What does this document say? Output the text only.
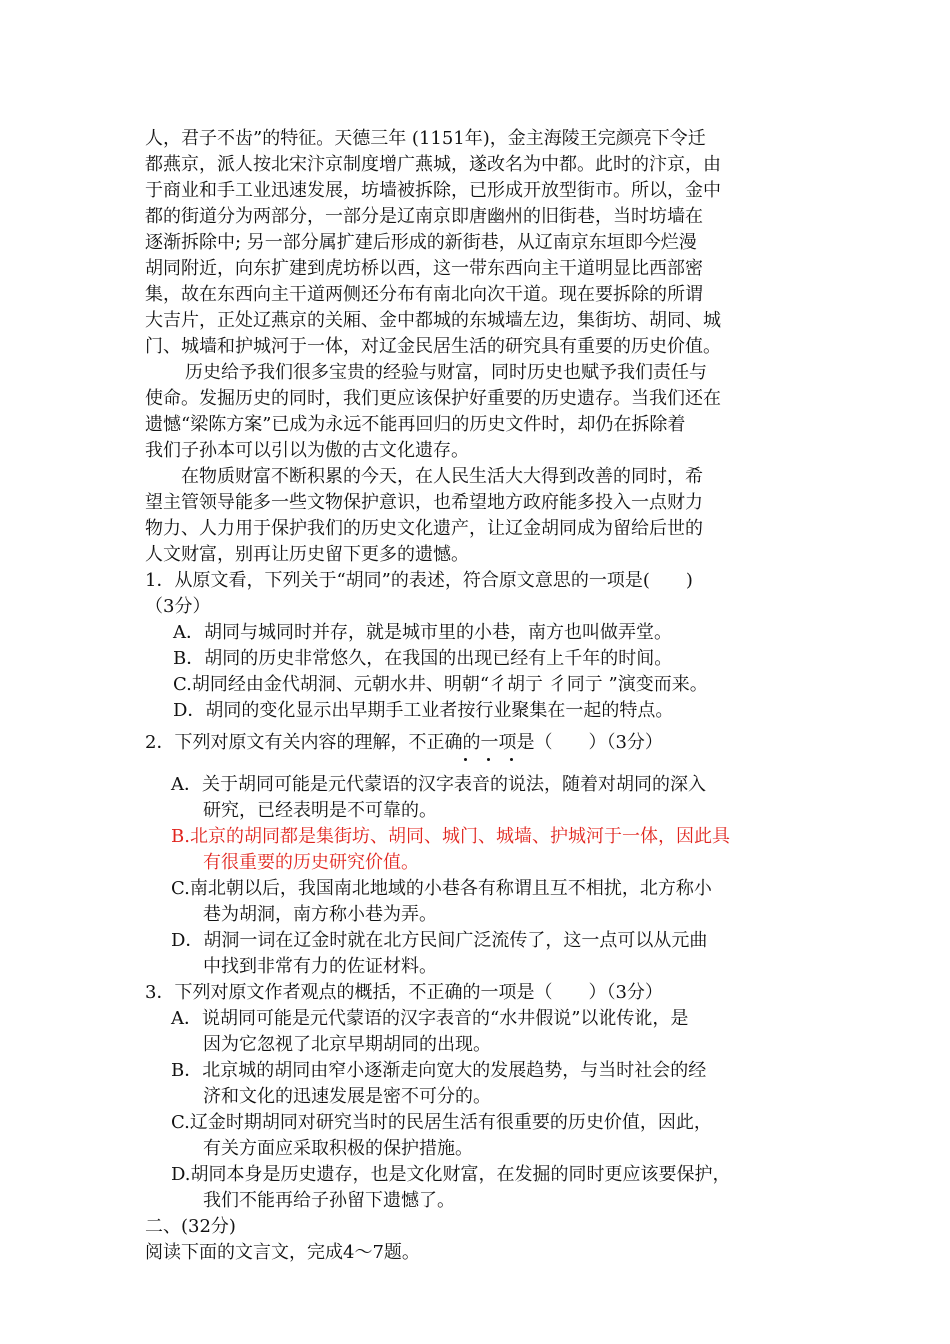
人，君子不齿”的特征。天德三年 (1151年)，金主海陵王完颜亮下令迁
都燕京，派人按北宋汴京制度增广燕城，遂改名为中都。此时的汴京，由
于商业和手工业迅速发展，坊墙被拆除，已形成开放型街市。所以，金中
都的街道分为两部分，一部分是辽南京即唐幽州的旧街巷，当时坊墙在
逐渐拆除中; 另一部分属扩建后形成的新街巷，从辽南京东垣即今烂漫
胡同附近，向东扩建到虎坊桥以西，这一带东西向主干道明显比西部密
集，故在东西向主干道两侧还分布有南北向次干道。现在要拆除的所谓
大吉片，正处辽燕京的关厢、金中都城的东城墙左边，集街坊、胡同、城
门、城墙和护城河于一体，对辽金民居生活的研究具有重要的历史价值。
历史给予我们很多宝贵的经验与财富，同时历史也赋予我们责任与
使命。发掘历史的同时，我们更应该保护好重要的历史遗存。当我们还在
遗憾“梁陈方案”已成为永远不能再回归的历史文件时，却仍在拆除着
我们子孙本可以引以为傲的古文化遗存。
在物质财富不断积累的今天，在人民生活大大得到改善的同时，希
望主管领导能多一些文物保护意识，也希望地方政府能多投入一点财力
物力、人力用于保护我们的历史文化遗产，让辽金胡同成为留给后世的
人文财富，别再让历史留下更多的遗憾。
1．从原文看，下列关于“胡同”的表述，符合原文意思的一项是(　　)
（3分）
A．胡同与城同时并存，就是城市里的小巷，南方也叫做弄堂。
B．胡同的历史非常悠久，在我国的出现已经有上千年的时间。
C.胡同经由金代胡洞、元朝水井、明朝“彳胡亍 彳同亍 ”演变而来。
D．胡同的变化显示出早期手工业者按行业聚集在一起的特点。
2．下列对原文有关内容的理解，不正确的一项是（　　）（3分）
A．关于胡同可能是元代蒙语的汉字表音的说法，随着对胡同的深入
研究，已经表明是不可靠的。
B.北京的胡同都是集街坊、胡同、城门、城墙、护城河于一体，因此具
有很重要的历史研究价值。
C.南北朝以后，我国南北地域的小巷各有称谓且互不相扰，北方称小
巷为胡洞，南方称小巷为弄。
D．胡洞一词在辽金时就在北方民间广泛流传了，这一点可以从元曲
中找到非常有力的佐证材料。
3．下列对原文作者观点的概括，不正确的一项是（　　）（3分）
A．说胡同可能是元代蒙语的汉字表音的“水井假说”以讹传讹，是
因为它忽视了北京早期胡同的出现。
B．北京城的胡同由窄小逐渐走向宽大的发展趋势，与当时社会的经
济和文化的迅速发展是密不可分的。
C.辽金时期胡同对研究当时的民居生活有很重要的历史价值，因此，
有关方面应采取积极的保护措施。
D.胡同本身是历史遗存，也是文化财富，在发掘的同时更应该要保护，
我们不能再给子孙留下遗憾了。
二、(32分)
阅读下面的文言文，完成4～7题。
